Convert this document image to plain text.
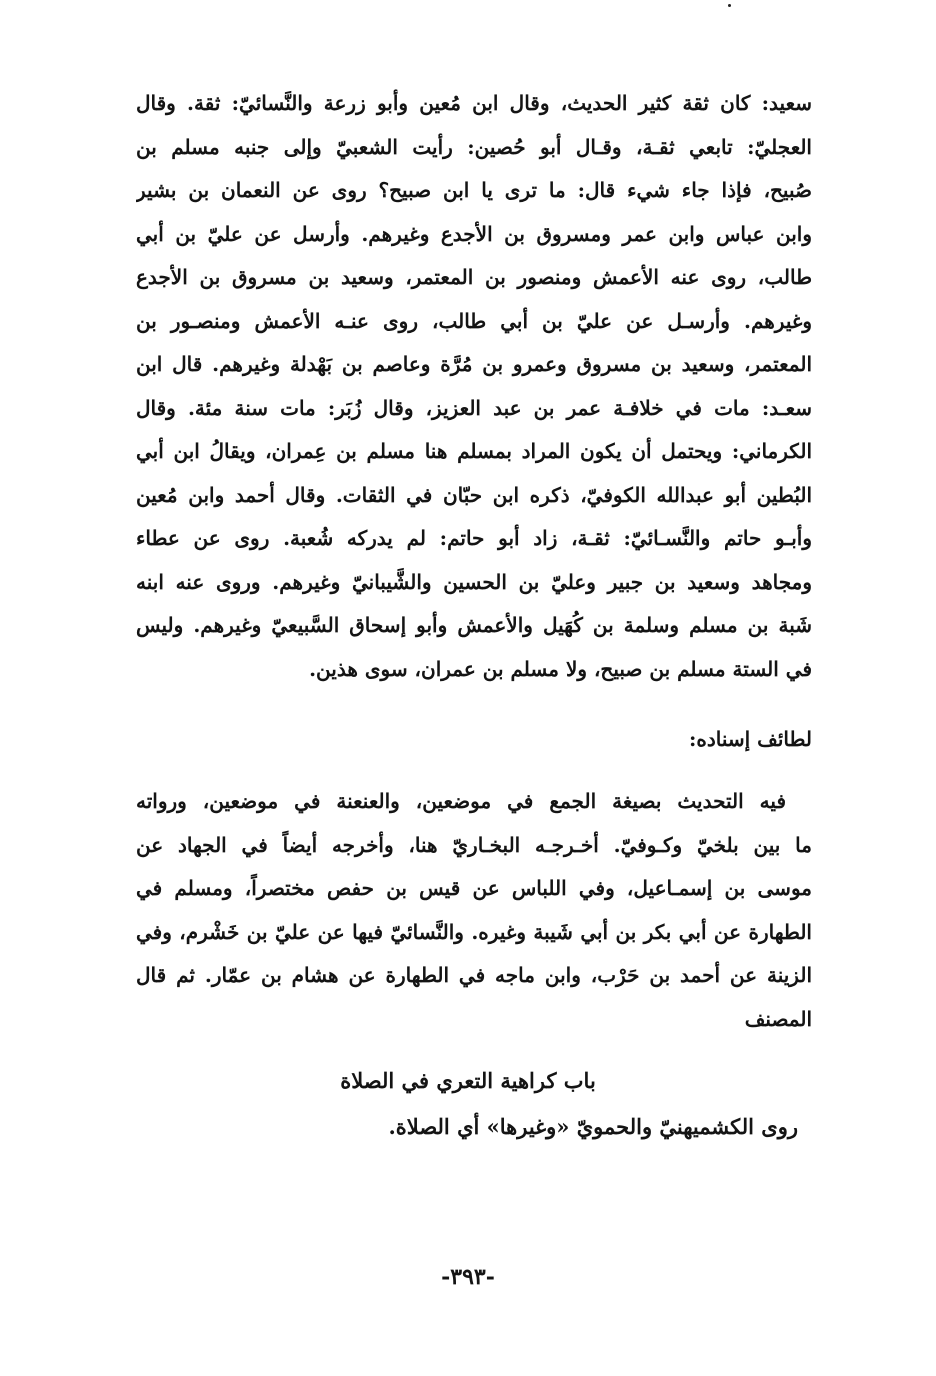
سعيد: كان ثقة كثير الحديث، وقال ابن مُعين وأبو زرعة والنَّسائيّ: ثقة. وقال
العجليّ: تابعي ثقـة، وقـال أبو حُصين: رأيت الشعبيّ وإلى جنبه مسلم بن
صُبيح، فإذا جاء شيء قال: ما ترى يا ابن صبيح؟ روى عن النعمان بن بشير
وابن عباس وابن عمر ومسروق بن الأجدع وغيرهم. وأرسل عن عليّ بن أبي
طالب، روى عنه الأعمش ومنصور بن المعتمر، وسعيد بن مسروق بن الأجدع
وغيرهم. وأرسـل عن عليّ بن أبي طالب، روى عنـه الأعمش ومنصـور بن
المعتمر، وسعيد بن مسروق وعمرو بن مُرَّة وعاصم بن بَهْدلة وغيرهم. قال ابن
سعـد: مات في خلافـة عمر بن عبد العزيز، وقال زُبَر: مات سنة مئة. وقال
الكرماني: ويحتمل أن يكون المراد بمسلم هنا مسلم بن عِمران، ويقالُ ابن أبي
البُطين أبو عبدالله الكوفيّ، ذكره ابن حبّان في الثقات. وقال أحمد وابن مُعين
وأبـو حاتم والنَّسـائيّ: ثقـة، زاد أبو حاتم: لم يدركه شُعبة. روى عن عطاء
ومجاهد وسعيد بن جبير وعليّ بن الحسين والشَّيبانيّ وغيرهم. وروى عنه ابنه
شَبة بن مسلم وسلمة بن كُهَيل والأعمش وأبو إسحاق السَّبيعيّ وغيرهم. وليس
في الستة مسلم بن صبيح، ولا مسلم بن عمران، سوى هذين.
لطائف إسناده:
فيه التحديث بصيغة الجمع في موضعين، والعنعنة في موضعين، ورواته
ما بين بلخيّ وكـوفيّ. أخـرجـه البخـاريّ هنا، وأخرجه أيضاً في الجهاد عن
موسى بن إسمـاعيل، وفي اللباس عن قيس بن حفص مختصراً، ومسلم في
الطهارة عن أبي بكر بن أبي شَيبة وغيره. والنَّسائيّ فيها عن عليّ بن خَشْرم، وفي
الزينة عن أحمد بن حَرْب، وابن ماجه في الطهارة عن هشام بن عمّار. ثم قال
المصنف
باب كراهية التعري في الصلاة
روى الكشميهنيّ والحمويّ «وغيرها» أي الصلاة.
-٣٩٣-
